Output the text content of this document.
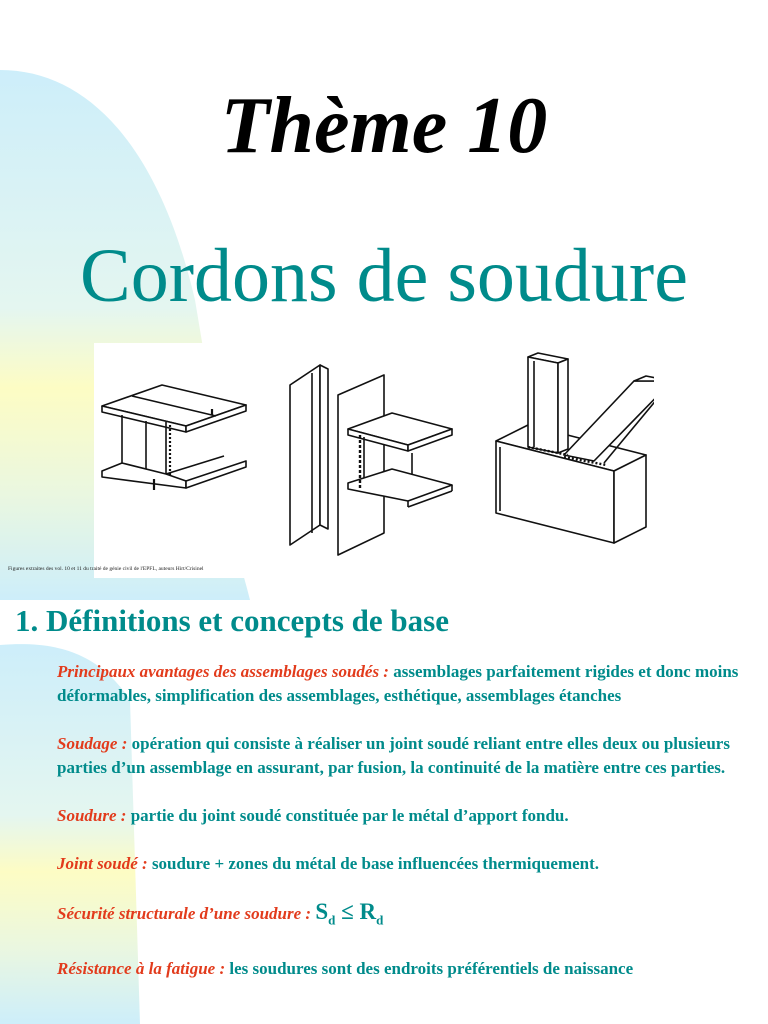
Thème 10
Cordons de soudure
Figures extraites des vol. 10 et 11 du traité de génie civil de l'EPFL, auteurs Hirt/Crisinel
1. Définitions et concepts de base

Principaux avantages des assemblages soudés : assemblages parfaitement rigides et donc moins déformables, simplification des assemblages, esthétique, assemblages étanches

Soudage : opération qui consiste à réaliser un joint soudé reliant entre elles deux ou plusieurs parties d’un assemblage en assurant, par fusion, la continuité de la matière entre ces parties.

Soudure : partie du joint soudé constituée par le métal d’apport fondu.

Joint soudé : soudure + zones du métal de base influencées thermiquement.

Sécurité structurale d’une soudure : $S_d \le R_d$

Résistance à la fatigue : les soudures sont des endroits préférentiels de naissance
